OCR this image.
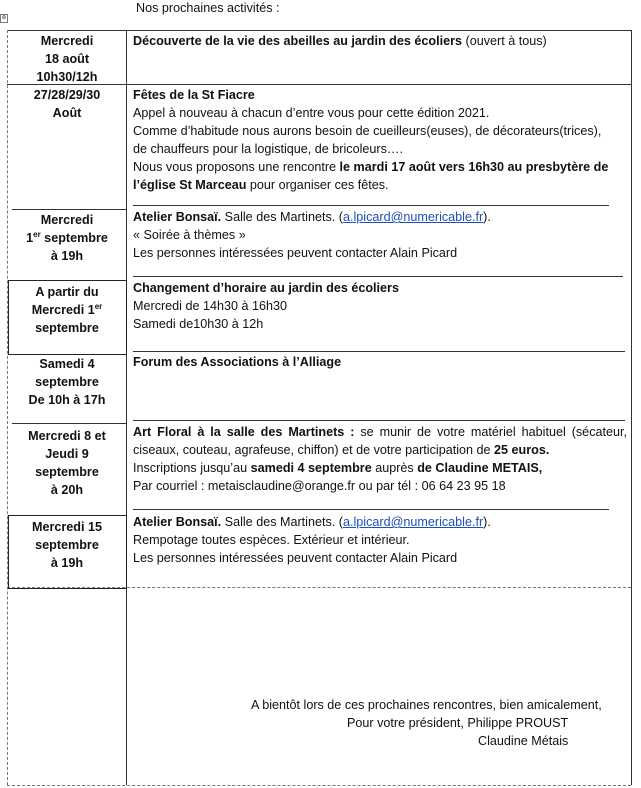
⊕
Nos prochaines activités :
Mercredi
18 août
10h30/12h
Découverte de la vie des abeilles au jardin des écoliers (ouvert à tous)
27/28/29/30
Août
Fêtes de la St Fiacre
Appel à nouveau à chacun d’entre vous pour cette édition 2021.
Comme d’habitude nous aurons besoin de cueilleurs(euses), de décorateurs(trices),
de chauffeurs pour la logistique, de bricoleurs….
Nous vous proposons une rencontre le mardi 17 août vers 16h30 au presbytère de
l’église St Marceau pour organiser ces fêtes.
Mercredi
1er septembre
à 19h
Atelier Bonsaï. Salle des Martinets. (a.lpicard@numericable.fr).
« Soirée à thèmes »
Les personnes intéressées peuvent contacter Alain Picard
A partir du
Mercredi 1er
septembre
Changement d’horaire au jardin des écoliers
Mercredi de 14h30 à 16h30
Samedi de10h30 à 12h
Samedi 4
septembre
De 10h à 17h
Forum des Associations à l’Alliage
Mercredi 8 et
Jeudi 9
septembre
à 20h
Art Floral à la salle des Martinets : se munir de votre matériel habituel (sécateur, ciseaux, couteau, agrafeuse, chiffon) et de votre participation de 25 euros.
Inscriptions jusqu’au samedi 4 septembre auprès de Claudine METAIS,
Par courriel : metaisclaudine@orange.fr ou par tél : 06 64 23 95 18
Mercredi 15
septembre
à 19h
Atelier Bonsaï. Salle des Martinets. (a.lpicard@numericable.fr).
Rempotage toutes espèces. Extérieur et intérieur.
Les personnes intéressées peuvent contacter Alain Picard
A bientôt lors de ces prochaines rencontres, bien amicalement,
Pour votre président, Philippe PROUST
Claudine Métais
